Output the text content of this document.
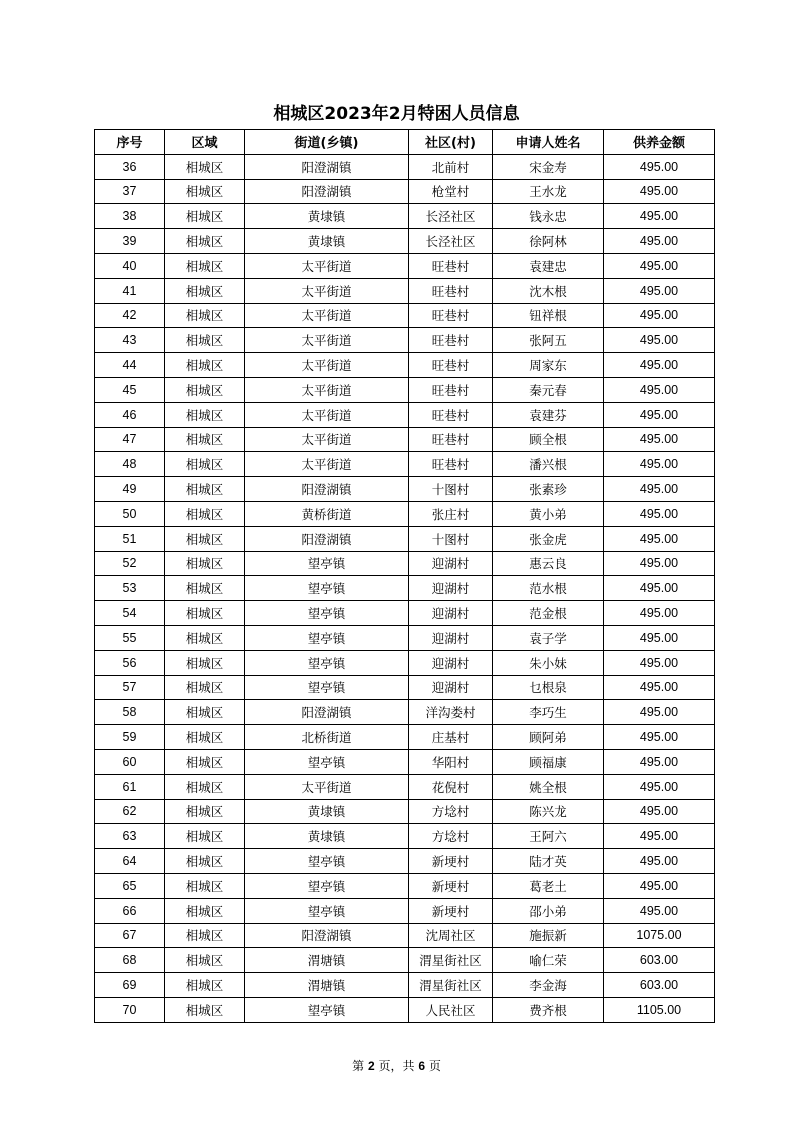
相城区2023年2月特困人员信息
序号	区域	街道(乡镇)	社区(村)	申请人姓名	供养金额
36	相城区	阳澄湖镇	北前村	宋金寿	495.00
37	相城区	阳澄湖镇	枪堂村	王水龙	495.00
38	相城区	黄埭镇	长泾社区	钱永忠	495.00
39	相城区	黄埭镇	长泾社区	徐阿林	495.00
40	相城区	太平街道	旺巷村	袁建忠	495.00
41	相城区	太平街道	旺巷村	沈木根	495.00
42	相城区	太平街道	旺巷村	钮祥根	495.00
43	相城区	太平街道	旺巷村	张阿五	495.00
44	相城区	太平街道	旺巷村	周家东	495.00
45	相城区	太平街道	旺巷村	秦元春	495.00
46	相城区	太平街道	旺巷村	袁建芬	495.00
47	相城区	太平街道	旺巷村	顾全根	495.00
48	相城区	太平街道	旺巷村	潘兴根	495.00
49	相城区	阳澄湖镇	十图村	张素珍	495.00
50	相城区	黄桥街道	张庄村	黄小弟	495.00
51	相城区	阳澄湖镇	十图村	张金虎	495.00
52	相城区	望亭镇	迎湖村	惠云良	495.00
53	相城区	望亭镇	迎湖村	范水根	495.00
54	相城区	望亭镇	迎湖村	范金根	495.00
55	相城区	望亭镇	迎湖村	袁子学	495.00
56	相城区	望亭镇	迎湖村	朱小妹	495.00
57	相城区	望亭镇	迎湖村	乜根泉	495.00
58	相城区	阳澄湖镇	洋沟娄村	李巧生	495.00
59	相城区	北桥街道	庄基村	顾阿弟	495.00
60	相城区	望亭镇	华阳村	顾福康	495.00
61	相城区	太平街道	花倪村	姚全根	495.00
62	相城区	黄埭镇	方埝村	陈兴龙	495.00
63	相城区	黄埭镇	方埝村	王阿六	495.00
64	相城区	望亭镇	新埂村	陆才英	495.00
65	相城区	望亭镇	新埂村	葛老土	495.00
66	相城区	望亭镇	新埂村	邵小弟	495.00
67	相城区	阳澄湖镇	沈周社区	施振新	1075.00
68	相城区	渭塘镇	渭星街社区	喻仁荣	603.00
69	相城区	渭塘镇	渭星街社区	李金海	603.00
70	相城区	望亭镇	人民社区	费齐根	1105.00
第 2 页，共 6 页
